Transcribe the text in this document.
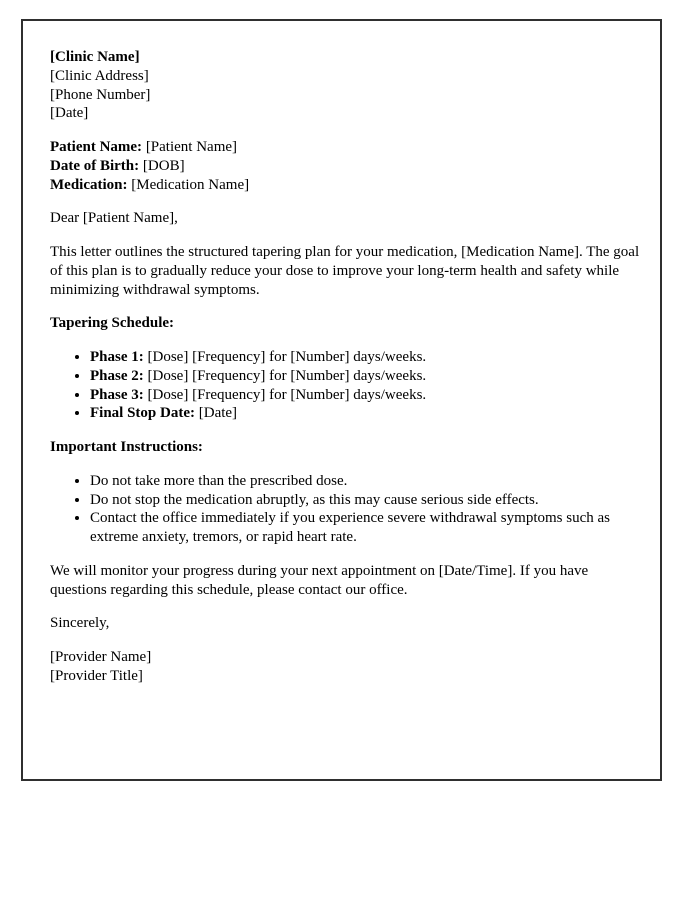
[Clinic Name]
[Clinic Address]
[Phone Number]
[Date]

Patient Name: [Patient Name]
Date of Birth: [DOB]
Medication: [Medication Name]

Dear [Patient Name],

This letter outlines the structured tapering plan for your medication, [Medication Name]. The goal of this plan is to gradually reduce your dose to improve your long-term health and safety while minimizing withdrawal symptoms.

Tapering Schedule:

• Phase 1: [Dose] [Frequency] for [Number] days/weeks.
• Phase 2: [Dose] [Frequency] for [Number] days/weeks.
• Phase 3: [Dose] [Frequency] for [Number] days/weeks.
• Final Stop Date: [Date]

Important Instructions:

• Do not take more than the prescribed dose.
• Do not stop the medication abruptly, as this may cause serious side effects.
• Contact the office immediately if you experience severe withdrawal symptoms such as extreme anxiety, tremors, or rapid heart rate.

We will monitor your progress during your next appointment on [Date/Time]. If you have questions regarding this schedule, please contact our office.

Sincerely,

[Provider Name]
[Provider Title]
